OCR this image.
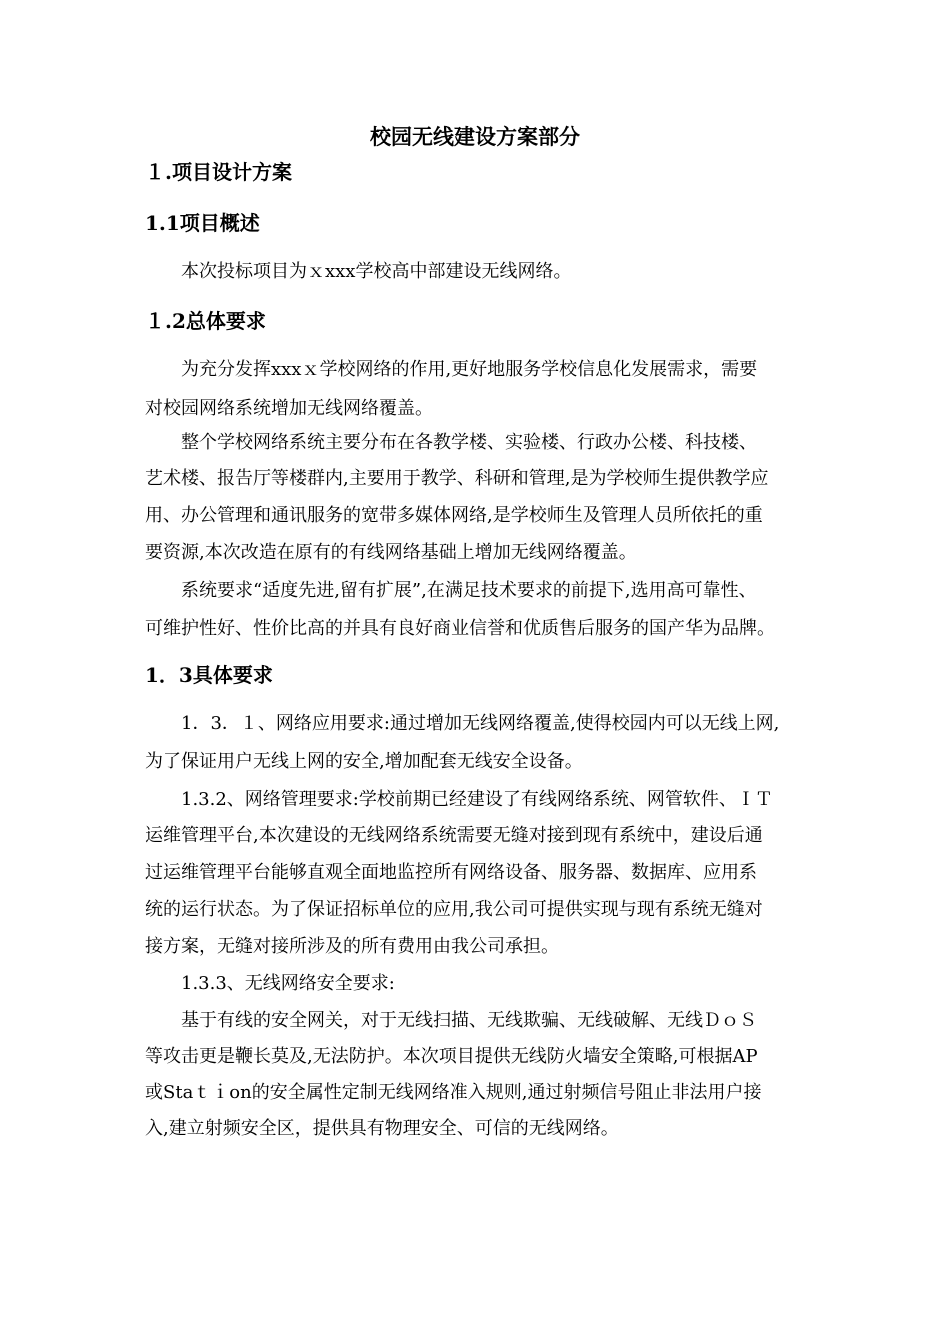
校园无线建设方案部分
１.项目设计方案
1.1项目概述
本次投标项目为ｘxxx学校高中部建设无线网络。
１.2总体要求
为充分发挥xxxｘ学校网络的作用,更好地服务学校信息化发展需求，需要
对校园网络系统增加无线网络覆盖。
整个学校网络系统主要分布在各教学楼、实验楼、行政办公楼、科技楼、
艺术楼、报告厅等楼群内,主要用于教学、科研和管理,是为学校师生提供教学应
用、办公管理和通讯服务的宽带多媒体网络,是学校师生及管理人员所依托的重
要资源,本次改造在原有的有线网络基础上增加无线网络覆盖。
系统要求“适度先进,留有扩展”,在满足技术要求的前提下,选用高可靠性、
可维护性好、性价比高的并具有良好商业信誉和优质售后服务的国产华为品牌。
1．3具体要求
1．3．１、网络应用要求:通过增加无线网络覆盖,使得校园内可以无线上网,
为了保证用户无线上网的安全,增加配套无线安全设备。
1.3.2、网络管理要求:学校前期已经建设了有线网络系统、网管软件、ＩＴ
运维管理平台,本次建设的无线网络系统需要无缝对接到现有系统中，建设后通
过运维管理平台能够直观全面地监控所有网络设备、服务器、数据库、应用系
统的运行状态。为了保证招标单位的应用,我公司可提供实现与现有系统无缝对
接方案，无缝对接所涉及的所有费用由我公司承担。
1.3.3、无线网络安全要求:
基于有线的安全网关，对于无线扫描、无线欺骗、无线破解、无线ＤｏＳ
等攻击更是鞭长莫及,无法防护。本次项目提供无线防火墙安全策略,可根据AP
或Staｔｉon的安全属性定制无线网络准入规则,通过射频信号阻止非法用户接
入,建立射频安全区，提供具有物理安全、可信的无线网络。
